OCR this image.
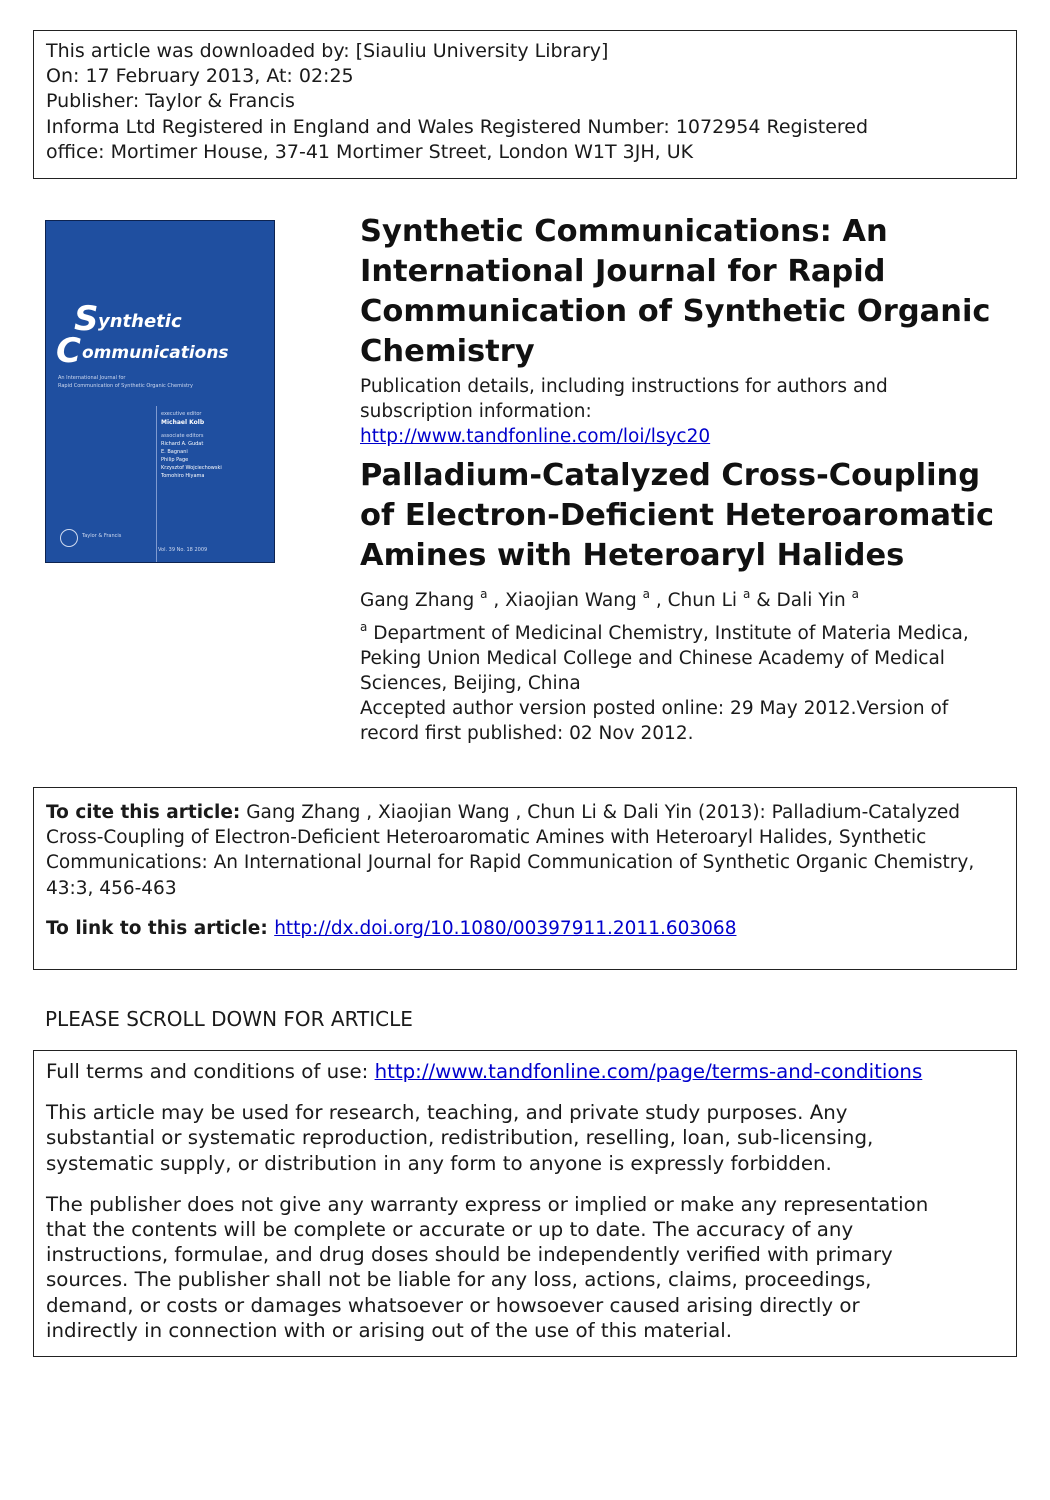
This article was downloaded by: [Siauliu University Library]
On: 17 February 2013, At: 02:25
Publisher: Taylor & Francis
Informa Ltd Registered in England and Wales Registered Number: 1072954 Registered
office: Mortimer House, 37-41 Mortimer Street, London W1T 3JH, UK
S ynthetic
C ommunications
An International Journal for
Rapid Communication of Synthetic Organic Chemistry
executive editor
Michael Kolb
associate editors
Richard A. Gudat
E. Bagnani
Philip Page
Krzysztof Wojciechowski
Tomohiro Hiyama
Taylor & Francis
Vol. 39 No. 18 2009
Synthetic Communications: An
International Journal for Rapid
Communication of Synthetic Organic
Chemistry
Publication details, including instructions for authors and
subscription information:
http://www.tandfonline.com/loi/lsyc20
Palladium-Catalyzed Cross-Coupling
of Electron-Deficient Heteroaromatic
Amines with Heteroaryl Halides
Gang Zhang $^a$ , Xiaojian Wang $^a$ , Chun Li $^a$ & Dali Yin $^a$
$^a$ Department of Medicinal Chemistry, Institute of Materia Medica,
Peking Union Medical College and Chinese Academy of Medical
Sciences, Beijing, China
Accepted author version posted online: 29 May 2012.Version of
record first published: 02 Nov 2012.
To cite this article: Gang Zhang , Xiaojian Wang , Chun Li & Dali Yin (2013): Palladium-Catalyzed
Cross-Coupling of Electron-Deficient Heteroaromatic Amines with Heteroaryl Halides, Synthetic
Communications: An International Journal for Rapid Communication of Synthetic Organic Chemistry,
43:3, 456-463
To link to this article: http://dx.doi.org/10.1080/00397911.2011.603068
PLEASE SCROLL DOWN FOR ARTICLE
Full terms and conditions of use: http://www.tandfonline.com/page/terms-and-conditions
This article may be used for research, teaching, and private study purposes. Any
substantial or systematic reproduction, redistribution, reselling, loan, sub-licensing,
systematic supply, or distribution in any form to anyone is expressly forbidden.
The publisher does not give any warranty express or implied or make any representation
that the contents will be complete or accurate or up to date. The accuracy of any
instructions, formulae, and drug doses should be independently verified with primary
sources. The publisher shall not be liable for any loss, actions, claims, proceedings,
demand, or costs or damages whatsoever or howsoever caused arising directly or
indirectly in connection with or arising out of the use of this material.
